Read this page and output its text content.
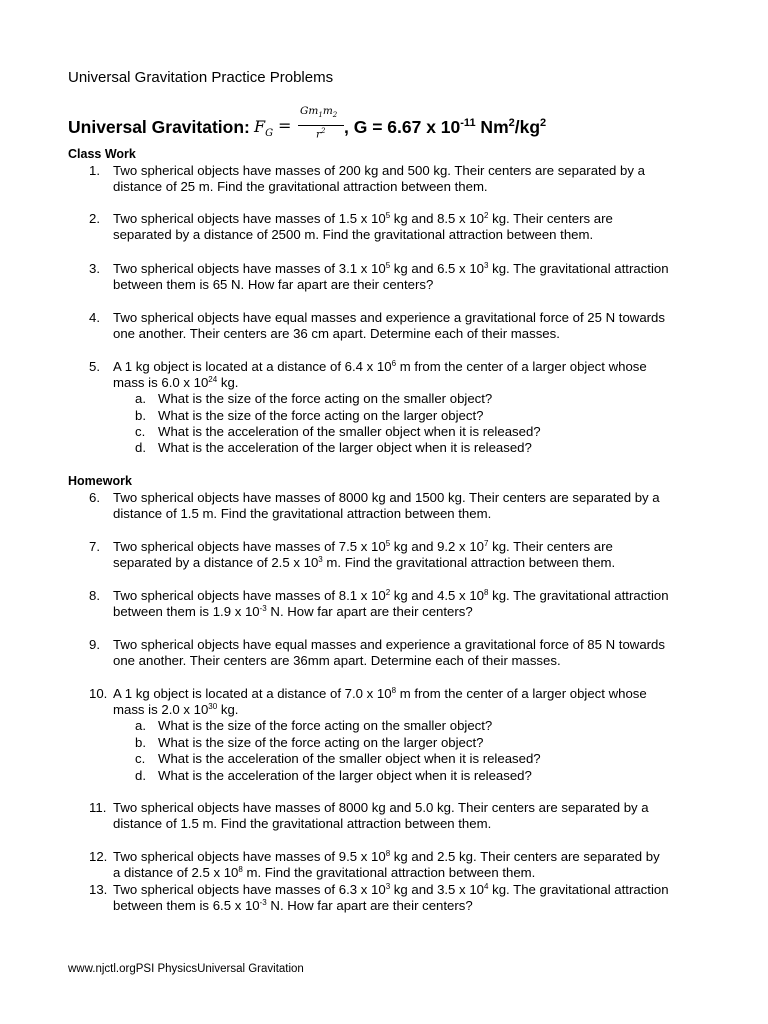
Universal Gravitation Practice Problems
Universal Gravitation: $F_G$ =
$Gm_1m_2$
$r^2$ , G = 6.67 x $10^{-11}$ $Nm^2/kg^2$
Class Work
1. Two spherical objects have masses of 200 kg and 500 kg. Their centers are separated by a
distance of 25 m. Find the gravitational attraction between them.
2. Two spherical objects have masses of 1.5 x $10^5$ kg and 8.5 x $10^2$ kg. Their centers are
separated by a distance of 2500 m. Find the gravitational attraction between them.
3. Two spherical objects have masses of 3.1 x $10^5$ kg and 6.5 x $10^3$ kg. The gravitational attraction
between them is 65 N. How far apart are their centers?
4. Two spherical objects have equal masses and experience a gravitational force of 25 N towards
one another. Their centers are 36 cm apart. Determine each of their masses.
5. A 1 kg object is located at a distance of 6.4 x $10^6$ m from the center of a larger object whose
mass is 6.0 x $10^{24}$ kg.
a. What is the size of the force acting on the smaller object?
b. What is the size of the force acting on the larger object?
c. What is the acceleration of the smaller object when it is released?
d. What is the acceleration of the larger object when it is released?
Homework
6. Two spherical objects have masses of 8000 kg and 1500 kg. Their centers are separated by a
distance of 1.5 m. Find the gravitational attraction between them.
7. Two spherical objects have masses of 7.5 x $10^5$ kg and 9.2 x $10^7$ kg. Their centers are
separated by a distance of 2.5 x $10^3$ m. Find the gravitational attraction between them.
8. Two spherical objects have masses of 8.1 x $10^2$ kg and 4.5 x $10^8$ kg. The gravitational attraction
between them is 1.9 x $10^{-3}$ N. How far apart are their centers?
9. Two spherical objects have equal masses and experience a gravitational force of 85 N towards
one another. Their centers are 36mm apart. Determine each of their masses.
10. A 1 kg object is located at a distance of 7.0 x $10^8$ m from the center of a larger object whose
mass is 2.0 x $10^{30}$ kg.
a. What is the size of the force acting on the smaller object?
b. What is the size of the force acting on the larger object?
c. What is the acceleration of the smaller object when it is released?
d. What is the acceleration of the larger object when it is released?
11. Two spherical objects have masses of 8000 kg and 5.0 kg. Their centers are separated by a
distance of 1.5 m. Find the gravitational attraction between them.
12. Two spherical objects have masses of 9.5 x $10^8$ kg and 2.5 kg. Their centers are separated by
a distance of 2.5 x $10^8$ m. Find the gravitational attraction between them.
13. Two spherical objects have masses of 6.3 x $10^3$ kg and 3.5 x $10^4$ kg. The gravitational attraction
between them is 6.5 x $10^{-3}$ N. How far apart are their centers?
www.njctl.orgPSI PhysicsUniversal Gravitation
